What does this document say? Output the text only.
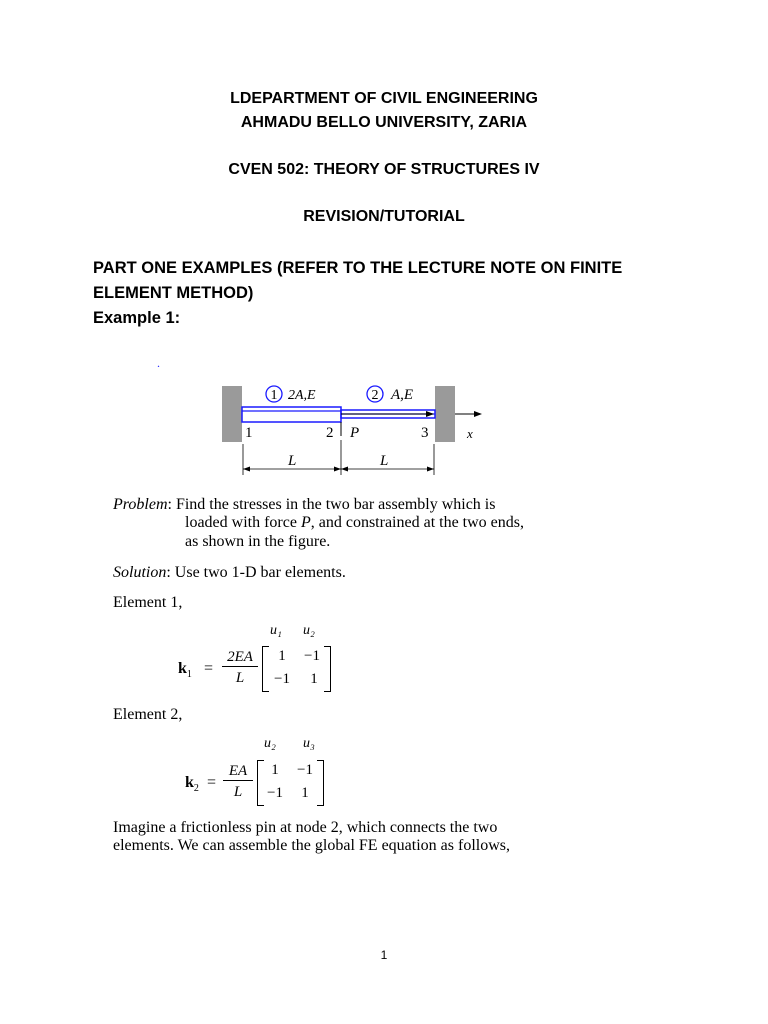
LDEPARTMENT OF CIVIL ENGINEERING
AHMADU BELLO UNIVERSITY, ZARIA
CVEN 502: THEORY OF STRUCTURES IV
REVISION/TUTORIAL
PART ONE EXAMPLES (REFER TO THE LECTURE NOTE ON FINITE
ELEMENT METHOD)
Example 1:
.
1	2
2A,E	A,E
1	2 P	3	x
L	L
Problem: Find the stresses in the two bar assembly which is
loaded with force P, and constrained at the two ends,
as shown in the figure.
Solution: Use two 1-D bar elements.
Element 1,
u₁ u₂
$k_1$ =
2EA
L
1	−1
−1	1
Element 2,
u₂ u₃
$k_2$ =
EA
L
1	−1
−1	1
Imagine a frictionless pin at node 2, which connects the two
elements. We can assemble the global FE equation as follows,
1
